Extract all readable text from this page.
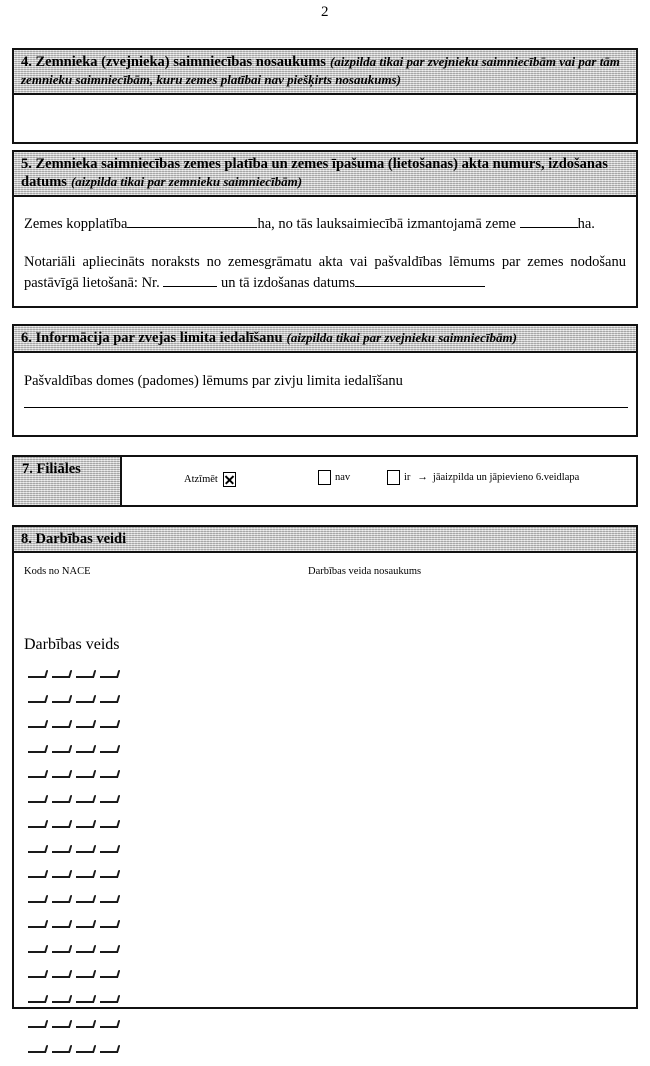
2
4. Zemnieka (zvejnieka) saimniecības nosaukums (aizpilda tikai par zvejnieku saimniecībām vai par tām zemnieku saimniecībām, kuru zemes platībai nav piešķirts nosaukums)
5. Zemnieka saimniecības zemes platība un zemes īpašuma (lietošanas) akta numurs, izdošanas datums (aizpilda tikai par zemnieku saimniecībām)
Zemes kopplatība	ha, no tās lauksaimiecībā izmantojamā zeme	ha.
Notariāli apliecināts noraksts no zemesgrāmatu akta vai pašvaldības lēmums par zemes nodošanu pastāvīgā lietošanā: Nr.	un tā izdošanas datums
6. Informācija par zvejas limita iedalīšanu (aizpilda tikai par zvejnieku saimniecībām)
Pašvaldības domes (padomes) lēmums par zivju limita iedalīšanu
7. Filiāles
Atzīmēt	nav	ir → jāaizpilda un jāpievieno 6.veidlapa
8. Darbības veidi
Kods no NACE	Darbības veida nosaukums
Darbības veids
